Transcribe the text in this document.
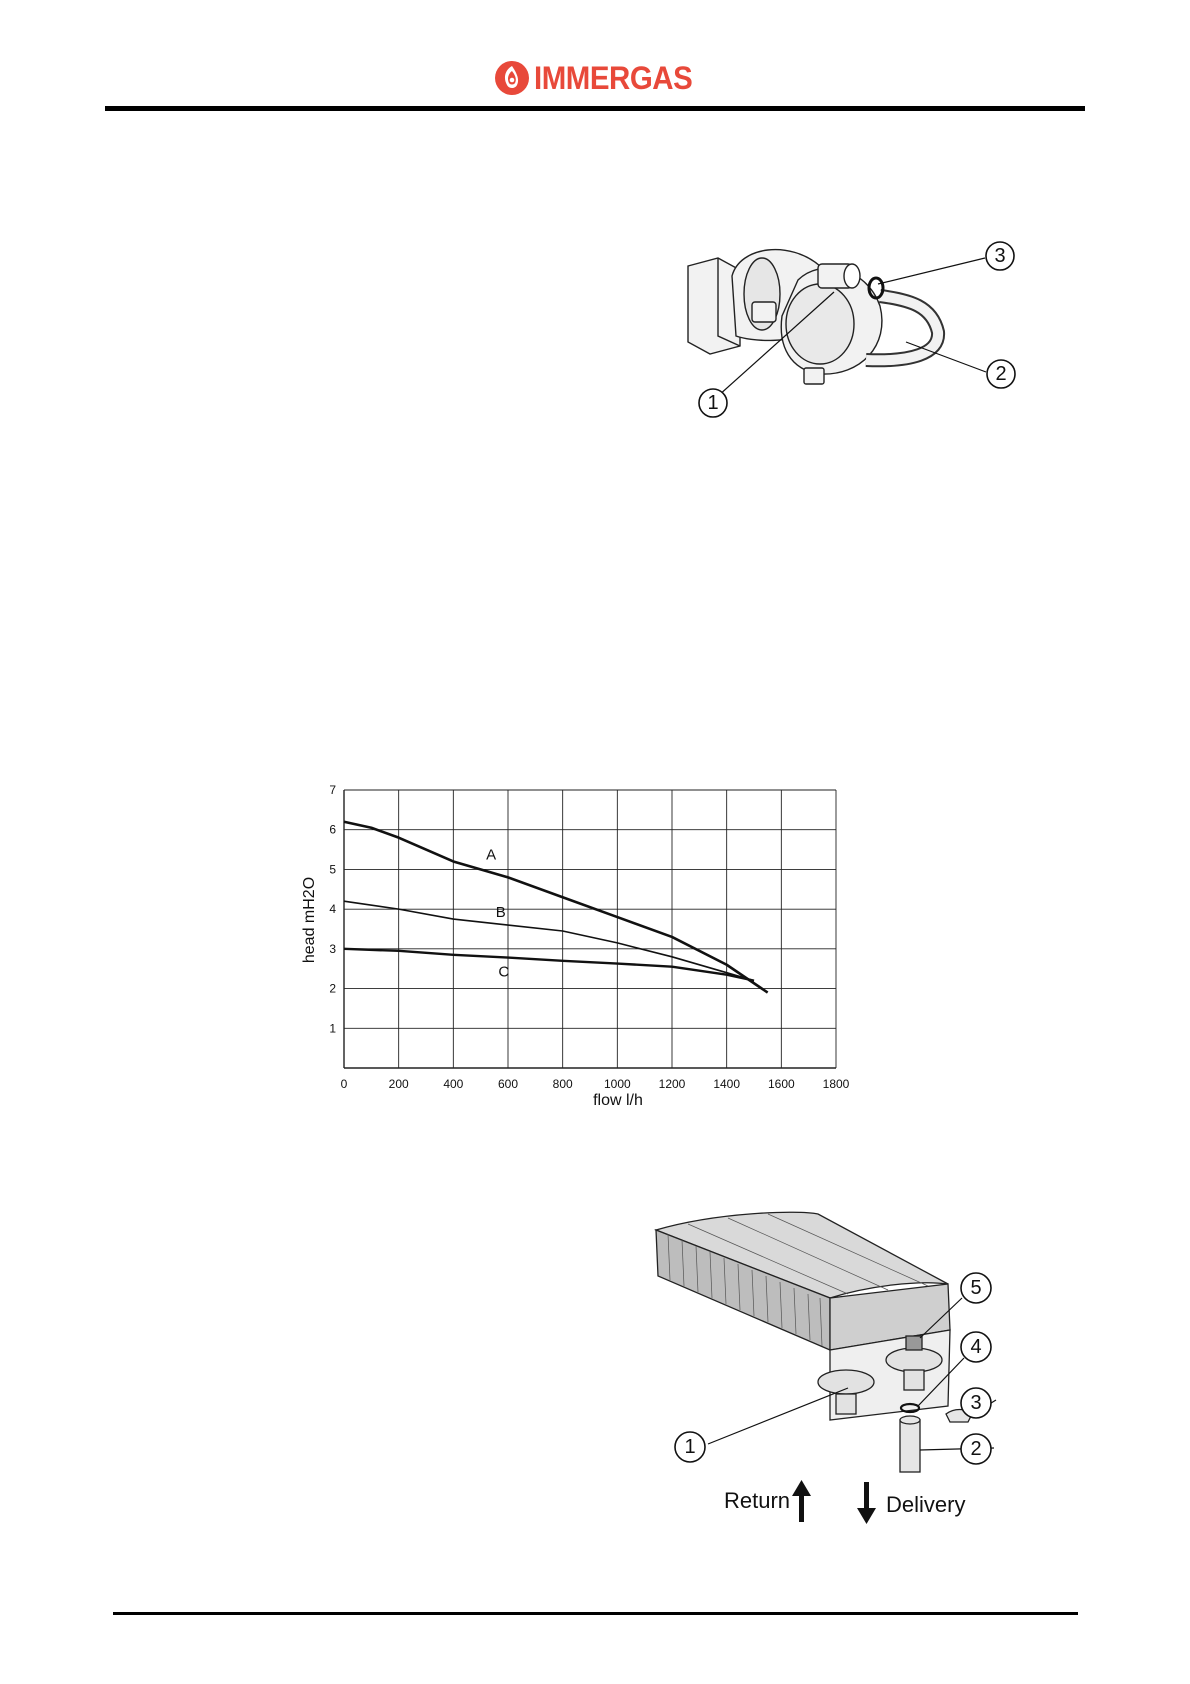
IMMERGAS
3
2
1
A
B
C
0	200	400	600	800	1000 1200 1400 1600 1800
1
2
3
4
5
6
7
flow l/h
head mH2O
5
4
3
1	2
Return	Delivery
